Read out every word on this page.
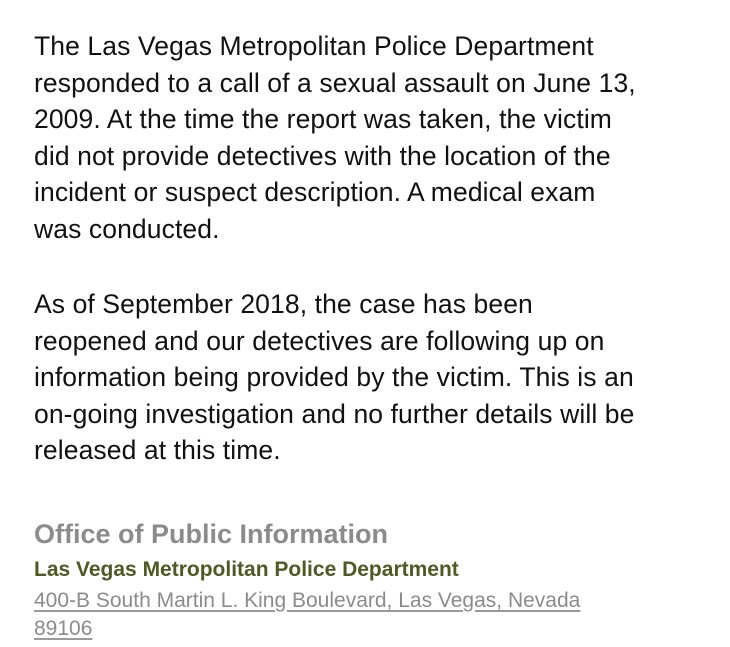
The Las Vegas Metropolitan Police Department
responded to a call of a sexual assault on June 13,
2009. At the time the report was taken, the victim
did not provide detectives with the location of the
incident or suspect description. A medical exam
was conducted.

As of September 2018, the case has been
reopened and our detectives are following up on
information being provided by the victim. This is an
on-going investigation and no further details will be
released at this time.

Office of Public Information
Las Vegas Metropolitan Police Department
400-B South Martin L. King Boulevard, Las Vegas, Nevada
89106
